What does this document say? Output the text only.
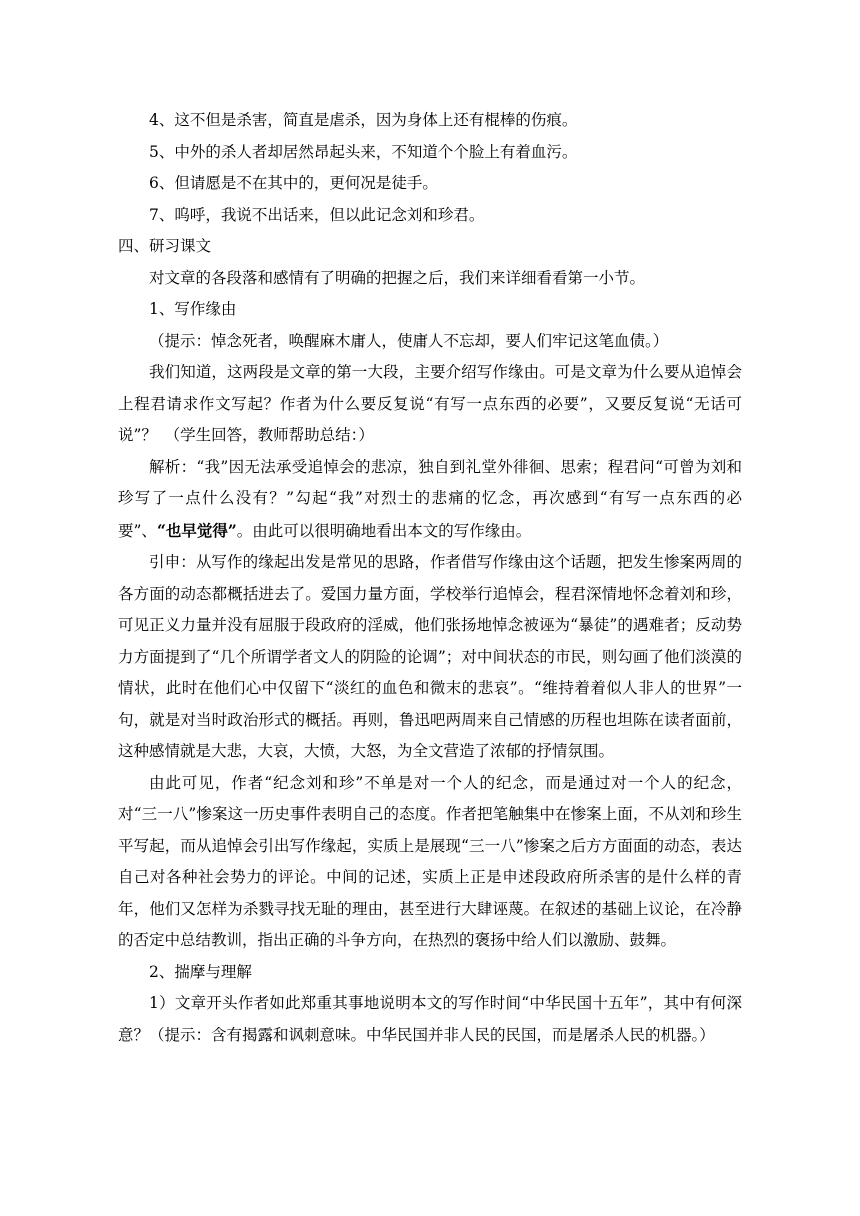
4、这不但是杀害，简直是虐杀，因为身体上还有棍棒的伤痕。

5、中外的杀人者却居然昂起头来，不知道个个脸上有着血污。

6、但请愿是不在其中的，更何况是徒手。

7、呜呼，我说不出话来，但以此记念刘和珍君。

四、研习课文

对文章的各段落和感情有了明确的把握之后，我们来详细看看第一小节。

1、写作缘由

（提示：悼念死者，唤醒麻木庸人，使庸人不忘却，要人们牢记这笔血债。）

我们知道，这两段是文章的第一大段，主要介绍写作缘由。可是文章为什么要从追悼会上程君请求作文写起？作者为什么要反复说“有写一点东西的必要”，又要反复说“无话可说”？　（学生回答，教师帮助总结：）

解析：“我”因无法承受追悼会的悲凉，独自到礼堂外徘徊、思索；程君问“可曾为刘和珍写了一点什么没有？”勾起“我”对烈士的悲痛的忆念，再次感到“有写一点东西的必要”、“也早觉得”。由此可以很明确地看出本文的写作缘由。

引申：从写作的缘起出发是常见的思路，作者借写作缘由这个话题，把发生惨案两周的各方面的动态都概括进去了。爱国力量方面，学校举行追悼会，程君深情地怀念着刘和珍，可见正义力量并没有屈服于段政府的淫威，他们张扬地悼念被诬为“暴徒”的遇难者；反动势力方面提到了“几个所谓学者文人的阴险的论调”；对中间状态的市民，则勾画了他们淡漠的情状，此时在他们心中仅留下“淡红的血色和微末的悲哀”。“维持着着似人非人的世界”一句，就是对当时政治形式的概括。再则，鲁迅吧两周来自己情感的历程也坦陈在读者面前，这种感情就是大悲，大哀，大愤，大怒，为全文营造了浓郁的抒情氛围。

由此可见，作者“纪念刘和珍”不单是对一个人的纪念，而是通过对一个人的纪念，对“三一八”惨案这一历史事件表明自己的态度。作者把笔触集中在惨案上面，不从刘和珍生平写起，而从追悼会引出写作缘起，实质上是展现“三一八”惨案之后方方面面的动态，表达自己对各种社会势力的评论。中间的记述，实质上正是申述段政府所杀害的是什么样的青年，他们又怎样为杀戮寻找无耻的理由，甚至进行大肆诬蔑。在叙述的基础上议论，在冷静的否定中总结教训，指出正确的斗争方向，在热烈的褒扬中给人们以激励、鼓舞。

2、揣摩与理解

1）文章开头作者如此郑重其事地说明本文的写作时间“中华民国十五年”，其中有何深意？（提示：含有揭露和讽刺意味。中华民国并非人民的民国，而是屠杀人民的机器。）
